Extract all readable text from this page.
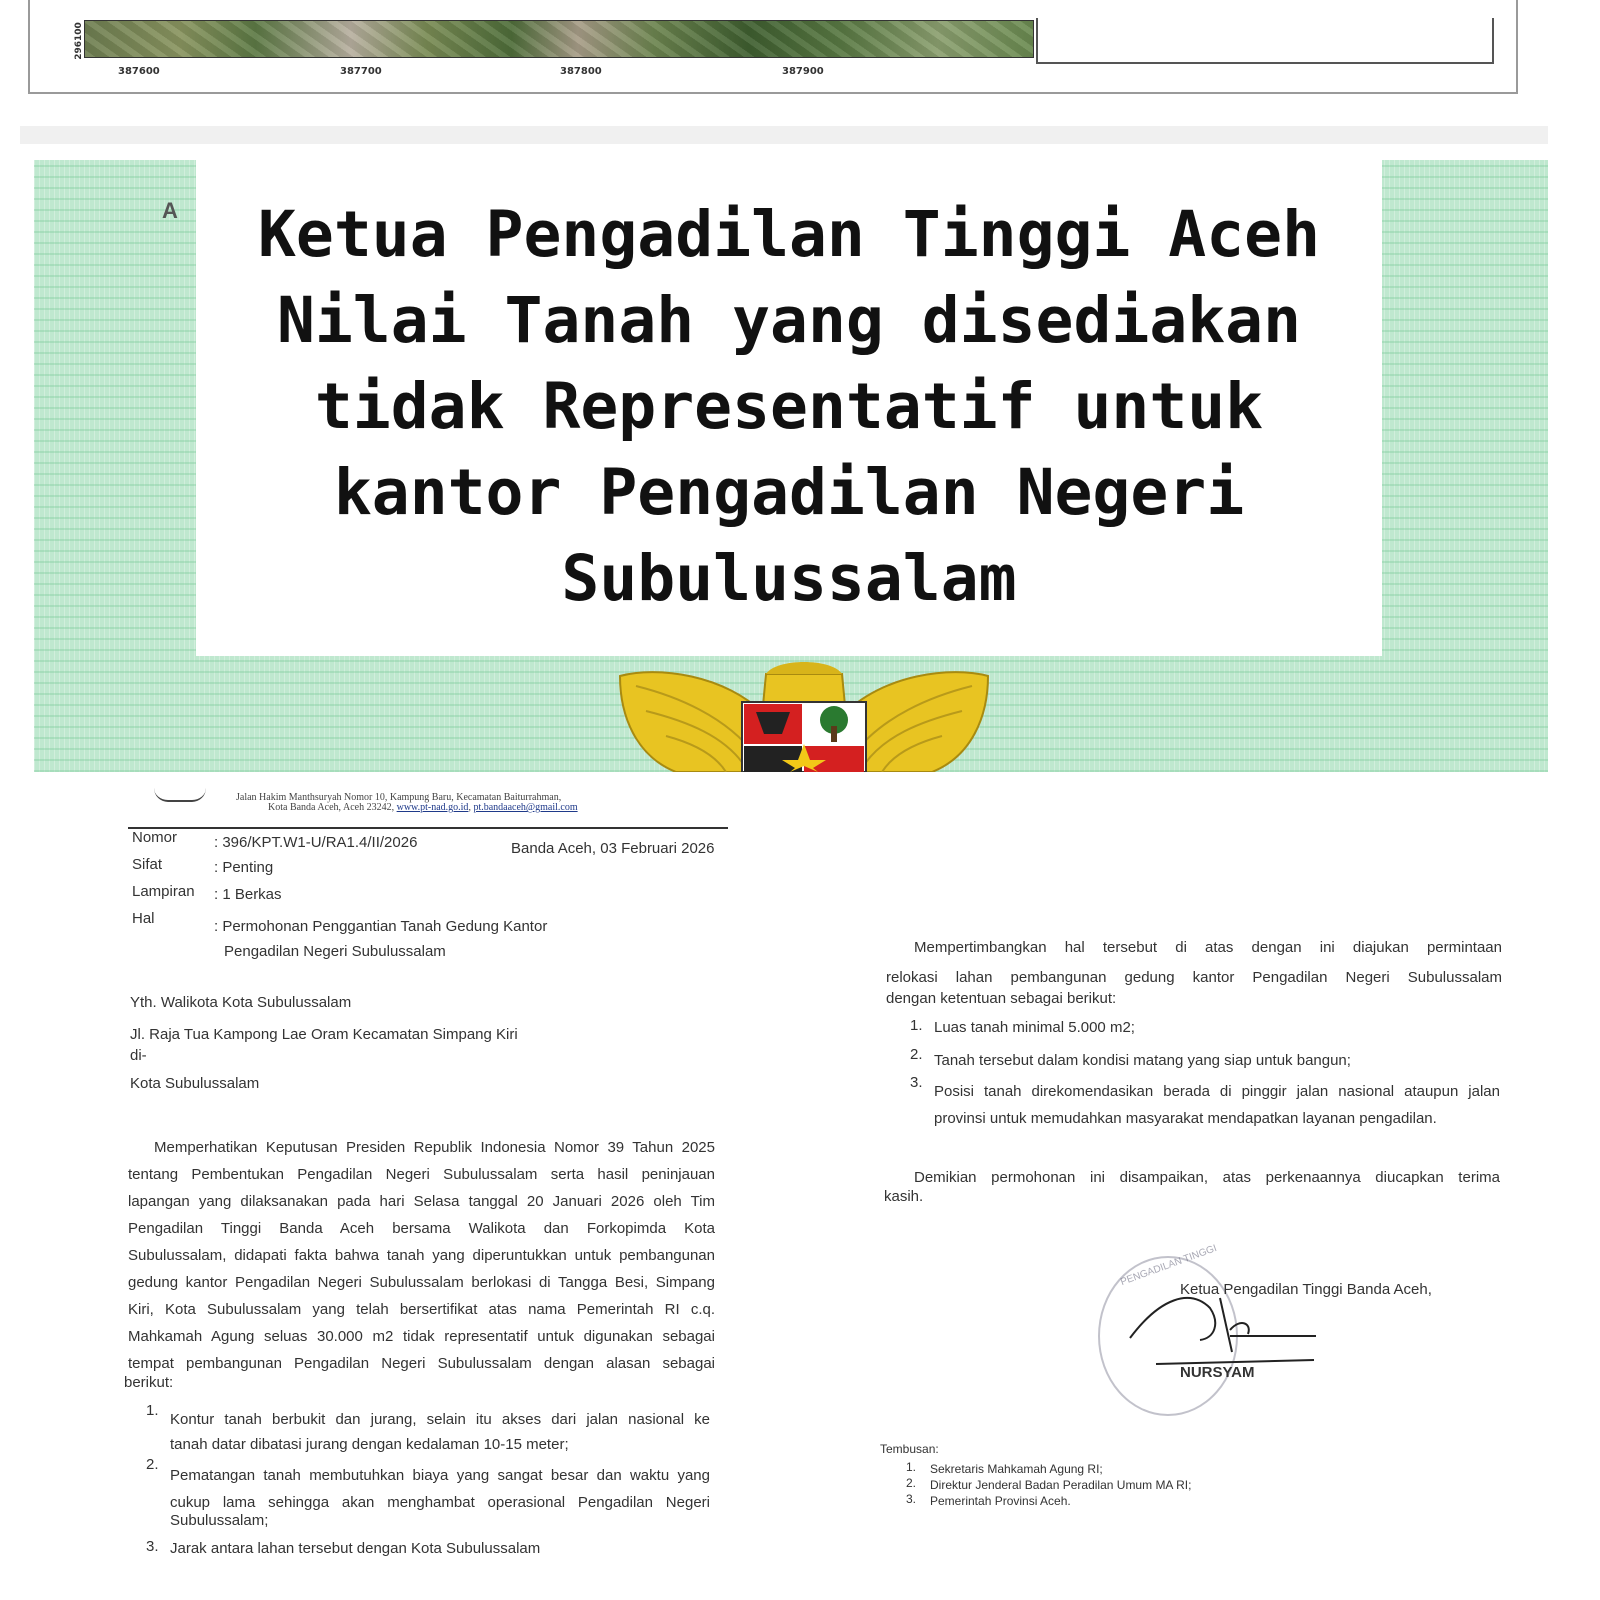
387600	387700	387800	387900
296100
A	Ketua Pengadilan Tinggi Aceh
Nilai Tanah yang disediakan
tidak Representatif untuk
kantor Pengadilan Negeri
Subulussalam
Jalan Hakim Manthsuryah Nomor 10, Kampung Baru, Kecamatan Baiturrahman,
Kota Banda Aceh, Aceh 23242, www.pt-nad.go.id, pt.bandaaceh@gmail.com
Nomor : 396/KPT.W1-U/RA1.4/II/2026	Banda Aceh, 03 Februari 2026
Sifat	: Penting
Lampiran : 1 Berkas
Hal	: Permohonan Penggantian Tanah Gedung Kantor
Pengadilan Negeri Subulussalam
Yth. Walikota Kota Subulussalam
Jl. Raja Tua Kampong Lae Oram Kecamatan Simpang Kiri
di-
Kota Subulussalam
Memperhatikan Keputusan Presiden Republik Indonesia Nomor 39 Tahun 2025
tentang Pembentukan Pengadilan Negeri Subulussalam serta hasil peninjauan
lapangan yang dilaksanakan pada hari Selasa tanggal 20 Januari 2026 oleh Tim
Pengadilan Tinggi Banda Aceh bersama Walikota dan Forkopimda Kota
Subulussalam, didapati fakta bahwa tanah yang diperuntukkan untuk pembangunan
gedung kantor Pengadilan Negeri Subulussalam berlokasi di Tangga Besi, Simpang
Kiri, Kota Subulussalam yang telah bersertifikat atas nama Pemerintah RI c.q.
Mahkamah Agung seluas 30.000 m2 tidak representatif untuk digunakan sebagai
tempat pembangunan Pengadilan Negeri Subulussalam dengan alasan sebagai
berikut:
1.
Kontur tanah berbukit dan jurang, selain itu akses dari jalan nasional ke
tanah datar dibatasi jurang dengan kedalaman 10-15 meter;
2.
Pematangan tanah membutuhkan biaya yang sangat besar dan waktu yang
cukup lama sehingga akan menghambat operasional Pengadilan Negeri
Subulussalam;
3. Jarak antara lahan tersebut dengan Kota Subulussalam
Mempertimbangkan hal tersebut di atas dengan ini diajukan permintaan
relokasi lahan pembangunan gedung kantor Pengadilan Negeri Subulussalam
dengan ketentuan sebagai berikut:
1. Luas tanah minimal 5.000 m2;
2. Tanah tersebut dalam kondisi matang yang siap untuk bangun;
3.
Posisi tanah direkomendasikan berada di pinggir jalan nasional ataupun jalan
provinsi untuk memudahkan masyarakat mendapatkan layanan pengadilan.
Demikian permohonan ini disampaikan, atas perkenaannya diucapkan terima
kasih.
PENGADILAN TINGGI
Ketua Pengadilan Tinggi Banda Aceh,
NURSYAM
Tembusan:
1. Sekretaris Mahkamah Agung RI;
2. Direktur Jenderal Badan Peradilan Umum MA RI;
3. Pemerintah Provinsi Aceh.
